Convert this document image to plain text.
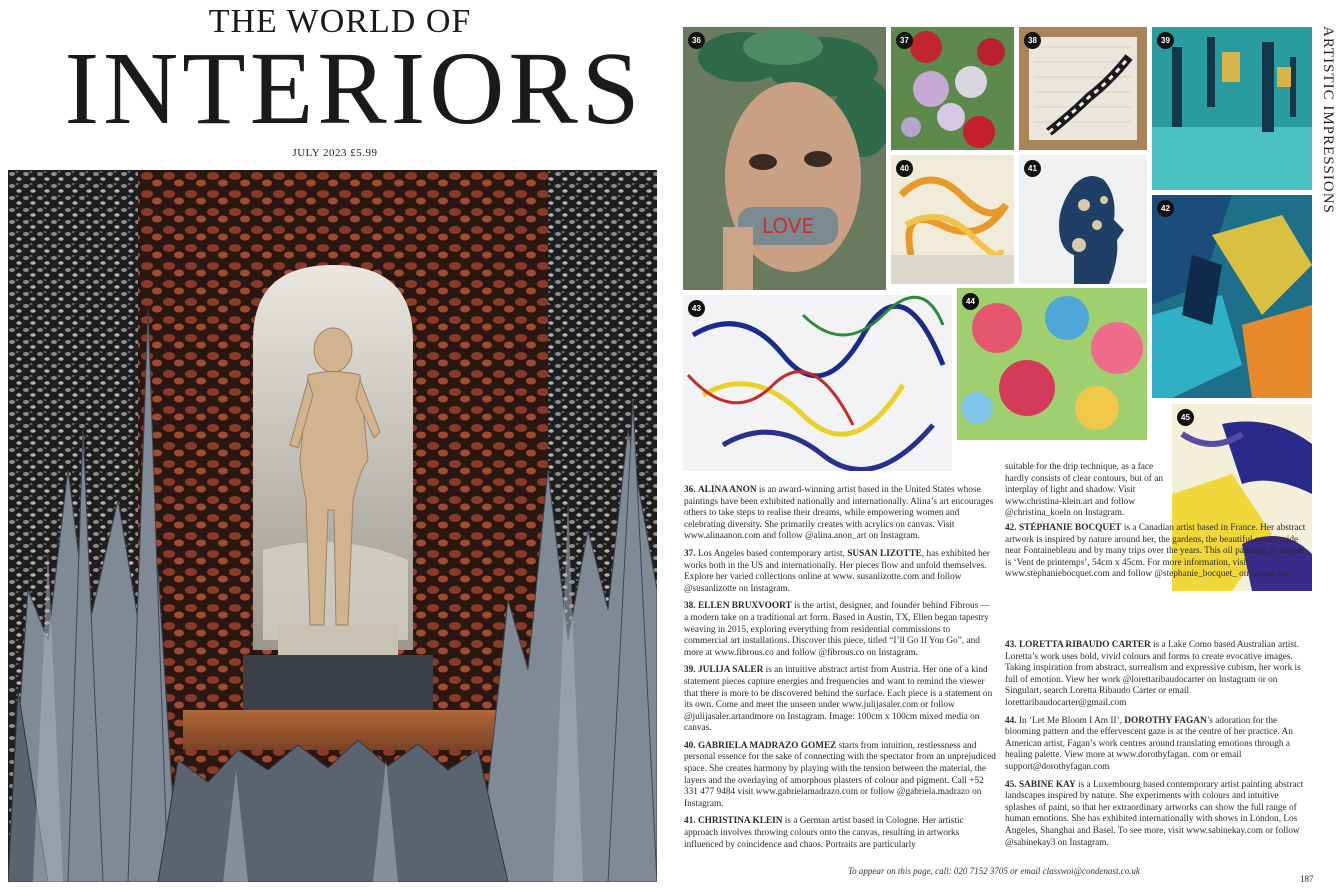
THE WORLD OF
INTERIORS
JULY 2023 £5.99	ARTISTIC IMPRESSIONS
LOVE
36	37	38	39
40	41
42
43
44
45

36. ALINA ANON is an award-winning artist based in the United States whose paintings have been exhibited nationally and internationally. Alina’s art encourages others to take steps to realise their dreams, while empowering women and celebrating diversity. She primarily creates with acrylics on canvas. Visit www.alinaanon.com and follow @alina.anon_art on Instagram.

37. Los Angeles based contemporary artist, SUSAN LIZOTTE, has exhibited her works both in the US and internationally. Her pieces flow and unfold themselves. Explore her varied collections online at www. susanlizotte.com and follow @susanlizotte on Instagram.

38. ELLEN BRUXVOORT is the artist, designer, and founder behind Fibrous — a modern take on a traditional art form. Based in Austin, TX, Ellen began tapestry weaving in 2015, exploring everything from residential commissions to commercial art installations. Discover this piece, titled “I’ll Go If You Go”, and more at www.fibrous.co and follow @fibrous.co on Instagram.

39. JULIJA SALER is an intuitive abstract artist from Austria. Her one of a kind statement pieces capture energies and frequencies and want to remind the viewer that there is more to be discovered behind the surface. Each piece is a statement on its own. Come and meet the unseen under www.julijasaler.com or follow @julijasaler.artandmore on Instagram. Image: 100cm x 100cm mixed media on canvas.

40. GABRIELA MADRAZO GOMEZ starts from intuition, restlessness and personal essence for the sake of connecting with the spectator from an unprejudiced space. She creates harmony by playing with the tension between the material, the layers and the overlaying of amorphous plasters of colour and pigment. Call +52 331 477 9484 visit www.gabrielamadrazo.com or follow @gabriela.madrazo on Instagram.

41. CHRISTINA KLEIN is a German artist based in Cologne. Her artistic approach involves throwing colours onto the canvas, resulting in artworks influenced by coincidence and chaos. Portraits are particularly

suitable for the drip technique, as a face hardly consists of clear contours, but of an interplay of light and shadow. Visit www.christina-klein.art and follow @christina_koeln on Instagram.

42. STÉPHANIE BOCQUET is a Canadian artist based in France. Her abstract artwork is inspired by nature around her, the gardens, the beautiful countryside near Fontainebleau and by many trips over the years. This oil painting on canvas is ‘Vent de printemps’, 54cm x 45cm. For more information, visit www.stephaniebocquet.com and follow @stephanie_bocquet_ on Instagram.

43. LORETTA RIBAUDO CARTER is a Lake Como based Australian artist. Loretta’s work uses bold, vivid colours and forms to create evocative images. Taking inspiration from abstract, surrealism and expressive cubism, her work is full of emotion. View her work @lorettaribaudocarter on Instagram or on Singulart, search Loretta Ribaudo Carter or email lorettaribaudocarter@gmail.com

44. In ‘Let Me Bloom I Am II’, DOROTHY FAGAN’s adoration for the blooming pattern and the effervescent gaze is at the centre of her practice. An American artist, Fagan’s work centres around translating emotions through a healing palette. View more at www.dorothyfagan. com or email support@dorothyfagan.com

45. SABINE KAY is a Luxembourg based contemporary artist painting abstract landscapes inspired by nature. She experiments with colours and intuitive splashes of paint, so that her extraordinary artworks can show the full range of human emotions. She has exhibited internationally with shows in London, Los Angeles, Shanghai and Basel. To see more, visit www.sabinekay.com or follow @sabinekay3 on Instagram.

To appear on this page, call: 020 7152 3705 or email classwoi@condenast.co.uk
187
